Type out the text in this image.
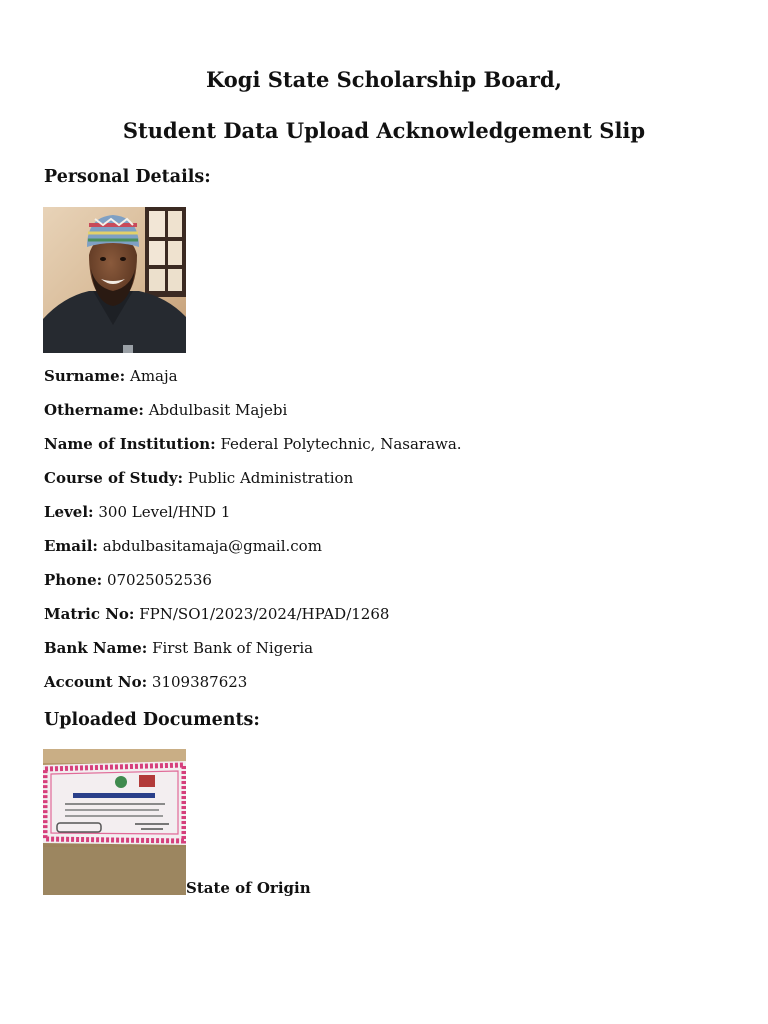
Kogi State Scholarship Board,
Student Data Upload Acknowledgement Slip
Personal Details:

Surname: Amaja

Othername: Abdulbasit Majebi

Name of Institution: Federal Polytechnic, Nasarawa.

Course of Study: Public Administration

Level: 300 Level/HND 1

Email: abdulbasitamaja@gmail.com

Phone: 07025052536

Matric No: FPN/SO1/2023/2024/HPAD/1268

Bank Name: First Bank of Nigeria

Account No: 3109387623

Uploaded Documents:
State of Origin
